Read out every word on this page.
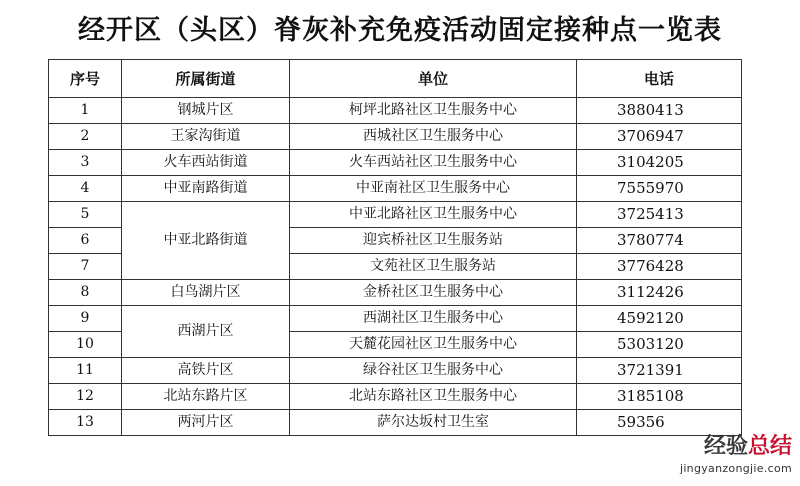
经开区（头区）脊灰补充免疫活动固定接种点一览表
序号	所属街道	单位	电话
1	钢城片区	柯坪北路社区卫生服务中心	3880413
2	王家沟街道	西城社区卫生服务中心	3706947
3	火车西站街道	火车西站社区卫生服务中心	3104205
4	中亚南路街道	中亚南社区卫生服务中心	7555970
5	中亚北路街道	中亚北路社区卫生服务中心	3725413
6		迎宾桥社区卫生服务站	3780774
7		文苑社区卫生服务站	3776428
8	白鸟湖片区	金桥社区卫生服务中心	3112426
9	西湖片区	西湖社区卫生服务中心	4592120
10		天麓花园社区卫生服务中心	5303120
11	高铁片区	绿谷社区卫生服务中心	3721391
12	北站东路片区	北站东路社区卫生服务中心	3185108
13	两河片区	萨尔达坂村卫生室	59356
经验总结
jingyanzongjie.com
